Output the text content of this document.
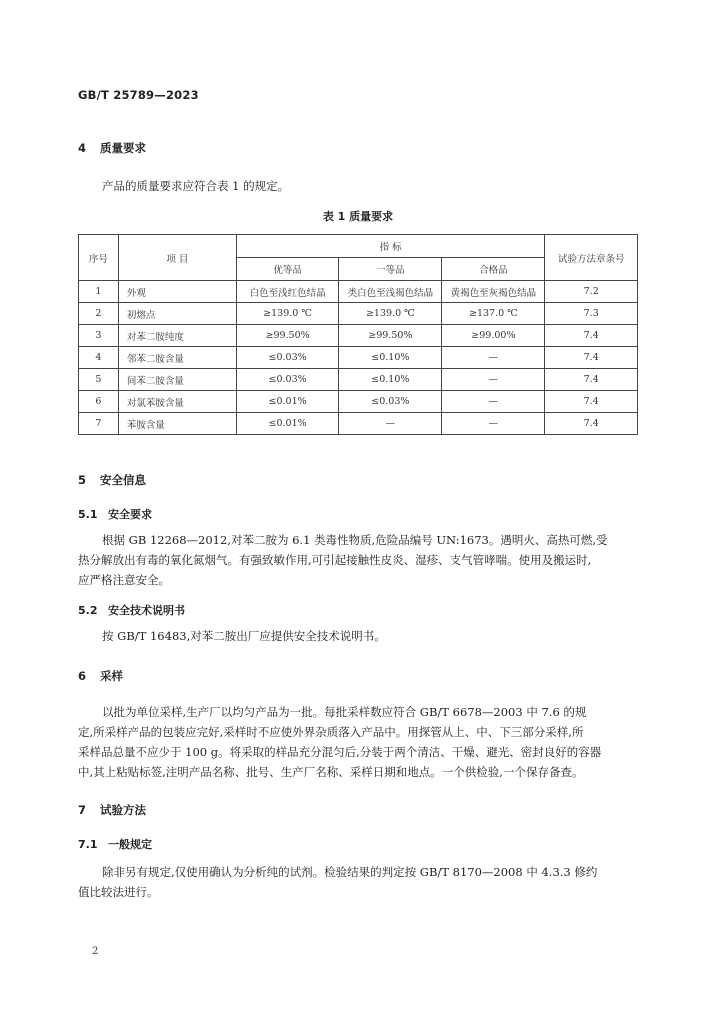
GB/T 25789—2023
4 质量要求
产品的质量要求应符合表 1 的规定。
表 1 质量要求
序号	项 目	指 标			试验方法章条号
		优等品	一等品	合格品	
1	外观	白色至浅红色结晶	类白色至浅褐色结晶	黄褐色至灰褐色结晶	7.2
2	初熔点	≥139.0 ℃	≥139.0 ℃	≥137.0 ℃	7.3
3	对苯二胺纯度	≥99.50%	≥99.50%	≥99.00%	7.4
4	邻苯二胺含量	≤0.03%	≤0.10%	—	7.4
5	间苯二胺含量	≤0.03%	≤0.10%	—	7.4
6	对氯苯胺含量	≤0.01%	≤0.03%	—	7.4
7	苯胺含量	≤0.01%	—	—	7.4
5 安全信息
5.1 安全要求
根据 GB 12268—2012,对苯二胺为 6.1 类毒性物质,危险品编号 UN:1673。遇明火、高热可燃,受
热分解放出有毒的氧化氮烟气。有强致敏作用,可引起接触性皮炎、湿疹、支气管哮喘。使用及搬运时,
应严格注意安全。
5.2 安全技术说明书
按 GB/T 16483,对苯二胺出厂应提供安全技术说明书。
6 采样
以批为单位采样,生产厂以均匀产品为一批。每批采样数应符合 GB/T 6678—2003 中 7.6 的规
定,所采样产品的包装应完好,采样时不应使外界杂质落入产品中。用探管从上、中、下三部分采样,所
采样品总量不应少于 100 g。将采取的样品充分混匀后,分装于两个清洁、干燥、避光、密封良好的容器
中,其上粘贴标签,注明产品名称、批号、生产厂名称、采样日期和地点。一个供检验,一个保存备查。
7 试验方法
7.1 一般规定
除非另有规定,仅使用确认为分析纯的试剂。检验结果的判定按 GB/T 8170—2008 中 4.3.3 修约
值比较法进行。
2
